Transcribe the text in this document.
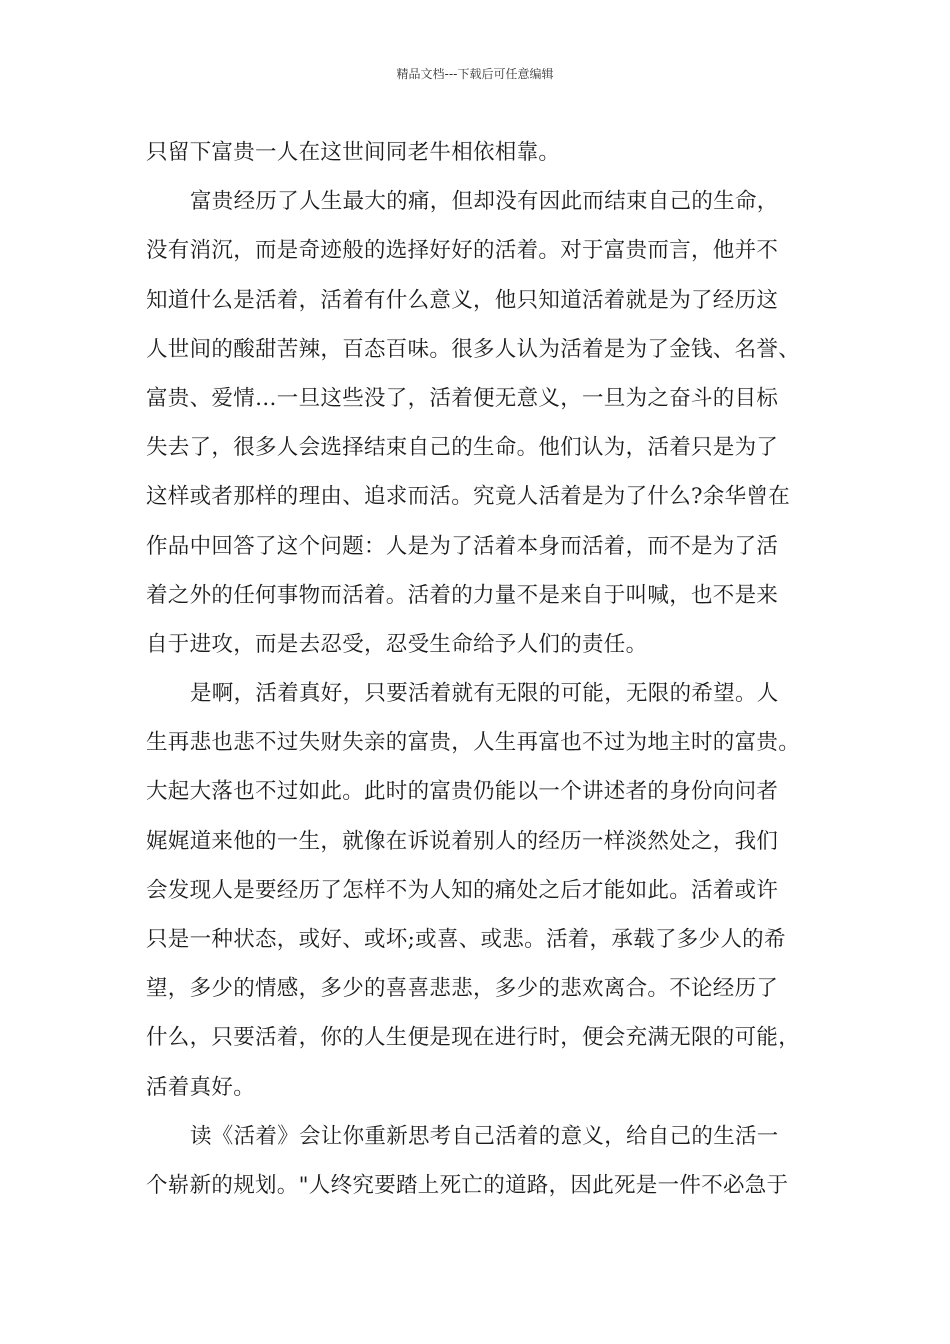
精品文档---下载后可任意编辑
只留下富贵一人在这世间同老牛相依相靠。
富贵经历了人生最大的痛，但却没有因此而结束自己的生命，
没有消沉，而是奇迹般的选择好好的活着。对于富贵而言，他并不
知道什么是活着，活着有什么意义，他只知道活着就是为了经历这
人世间的酸甜苦辣，百态百味。很多人认为活着是为了金钱、名誉、
富贵、爱情…一旦这些没了，活着便无意义，一旦为之奋斗的目标
失去了，很多人会选择结束自己的生命。他们认为，活着只是为了
这样或者那样的理由、追求而活。究竟人活着是为了什么?余华曾在
作品中回答了这个问题：人是为了活着本身而活着，而不是为了活
着之外的任何事物而活着。活着的力量不是来自于叫喊，也不是来
自于进攻，而是去忍受，忍受生命给予人们的责任。
是啊，活着真好，只要活着就有无限的可能，无限的希望。人
生再悲也悲不过失财失亲的富贵，人生再富也不过为地主时的富贵。
大起大落也不过如此。此时的富贵仍能以一个讲述者的身份向问者
娓娓道来他的一生，就像在诉说着别人的经历一样淡然处之，我们
会发现人是要经历了怎样不为人知的痛处之后才能如此。活着或许
只是一种状态，或好、或坏;或喜、或悲。活着，承载了多少人的希
望，多少的情感，多少的喜喜悲悲，多少的悲欢离合。不论经历了
什么，只要活着，你的人生便是现在进行时，便会充满无限的可能，
活着真好。
读《活着》会让你重新思考自己活着的意义，给自己的生活一
个崭新的规划。"人终究要踏上死亡的道路，因此死是一件不必急于
